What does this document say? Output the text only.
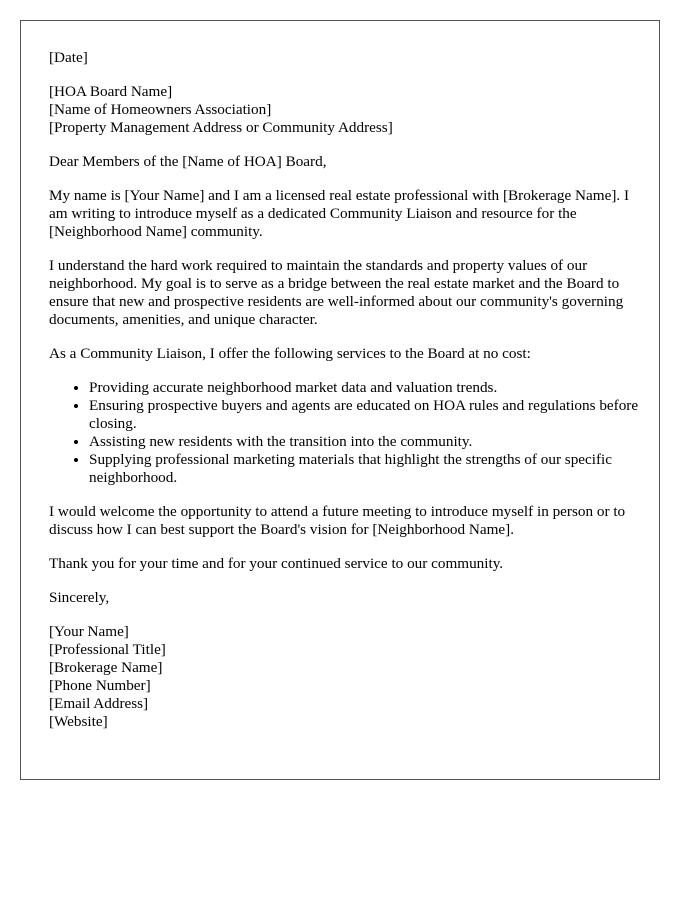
[Date]

[HOA Board Name]
[Name of Homeowners Association]
[Property Management Address or Community Address]

Dear Members of the [Name of HOA] Board,

My name is [Your Name] and I am a licensed real estate professional with [Brokerage Name]. I am writing to introduce myself as a dedicated Community Liaison and resource for the [Neighborhood Name] community.

I understand the hard work required to maintain the standards and property values of our neighborhood. My goal is to serve as a bridge between the real estate market and the Board to ensure that new and prospective residents are well-informed about our community's governing documents, amenities, and unique character.

As a Community Liaison, I offer the following services to the Board at no cost:

• Providing accurate neighborhood market data and valuation trends.
• Ensuring prospective buyers and agents are educated on HOA rules and regulations before closing.
• Assisting new residents with the transition into the community.
• Supplying professional marketing materials that highlight the strengths of our specific neighborhood.

I would welcome the opportunity to attend a future meeting to introduce myself in person or to discuss how I can best support the Board's vision for [Neighborhood Name].

Thank you for your time and for your continued service to our community.

Sincerely,

[Your Name]
[Professional Title]
[Brokerage Name]
[Phone Number]
[Email Address]
[Website]
